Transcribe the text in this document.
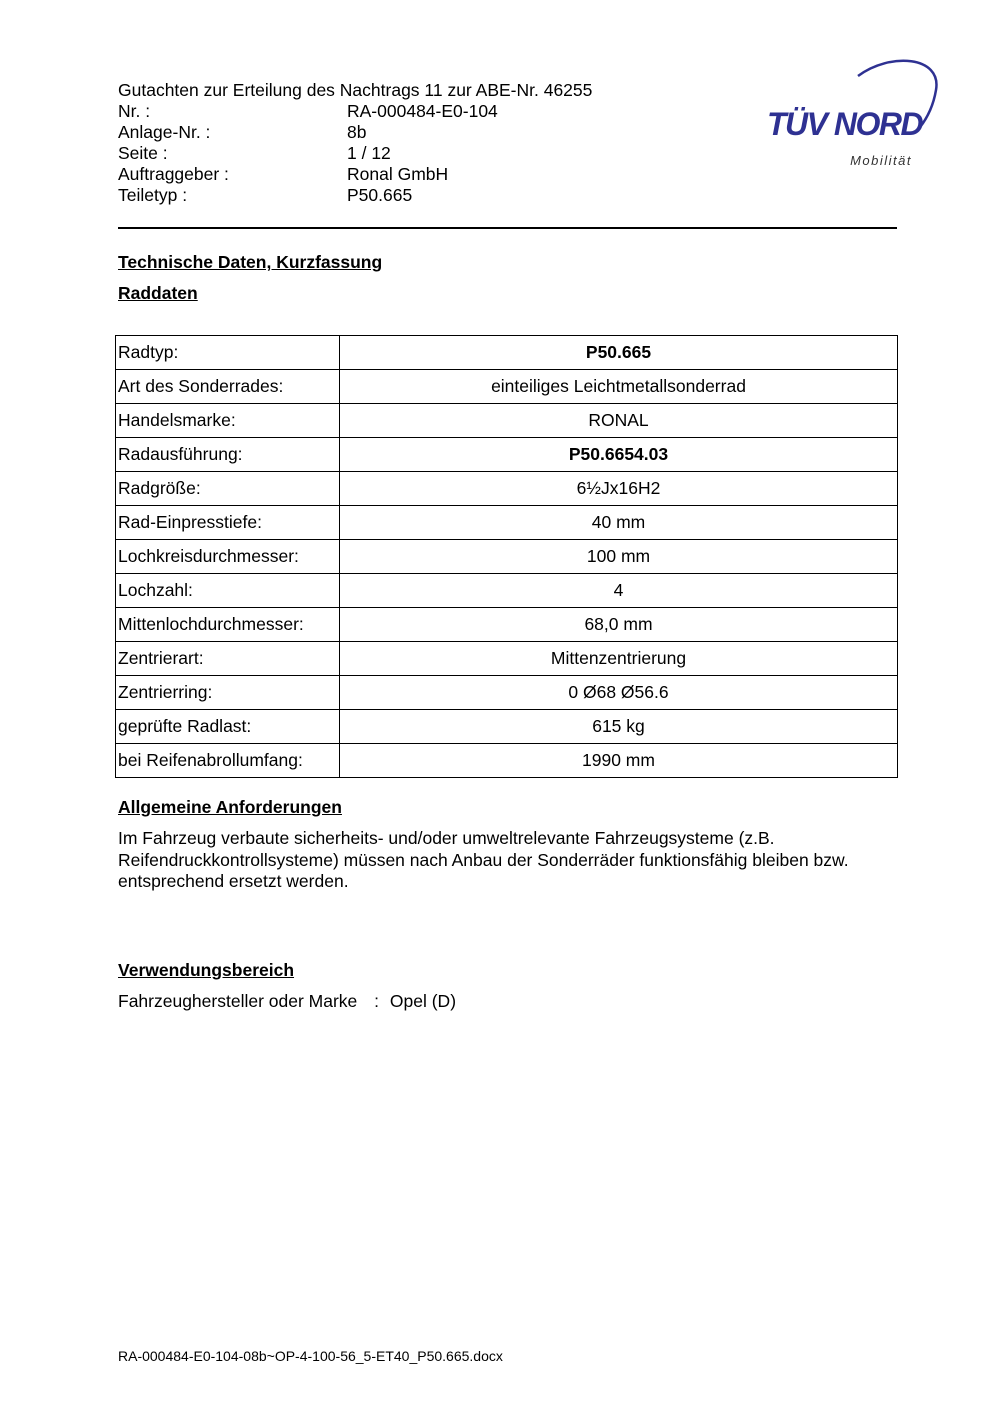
Gutachten zur Erteilung des Nachtrags 11 zur ABE-Nr. 46255
Nr. :	RA-000484-E0-104
Anlage-Nr. :	8b
Seite :	1 / 12
Auftraggeber :	Ronal GmbH
Teiletyp :	P50.665
TÜV NORD
Mobilität
Technische Daten, Kurzfassung
Raddaten
Radtyp:	P50.665
Art des Sonderrades:	einteiliges Leichtmetallsonderrad
Handelsmarke:	RONAL
Radausführung:	P50.6654.03
Radgröße:	6½Jx16H2
Rad-Einpresstiefe:	40 mm
Lochkreisdurchmesser:	100 mm
Lochzahl:	4
Mittenlochdurchmesser:	68,0 mm
Zentrierart:	Mittenzentrierung
Zentrierring:	0 Ø68 Ø56.6
geprüfte Radlast:	615 kg
bei Reifenabrollumfang:	1990 mm
Allgemeine Anforderungen
Im Fahrzeug verbaute sicherheits- und/oder umweltrelevante Fahrzeugsysteme (z.B. Reifendruckkontrollsysteme) müssen nach Anbau der Sonderräder funktionsfähig bleiben bzw. entsprechend ersetzt werden.
Verwendungsbereich
Fahrzeughersteller oder Marke : Opel (D)
RA-000484-E0-104-08b~OP-4-100-56_5-ET40_P50.665.docx
